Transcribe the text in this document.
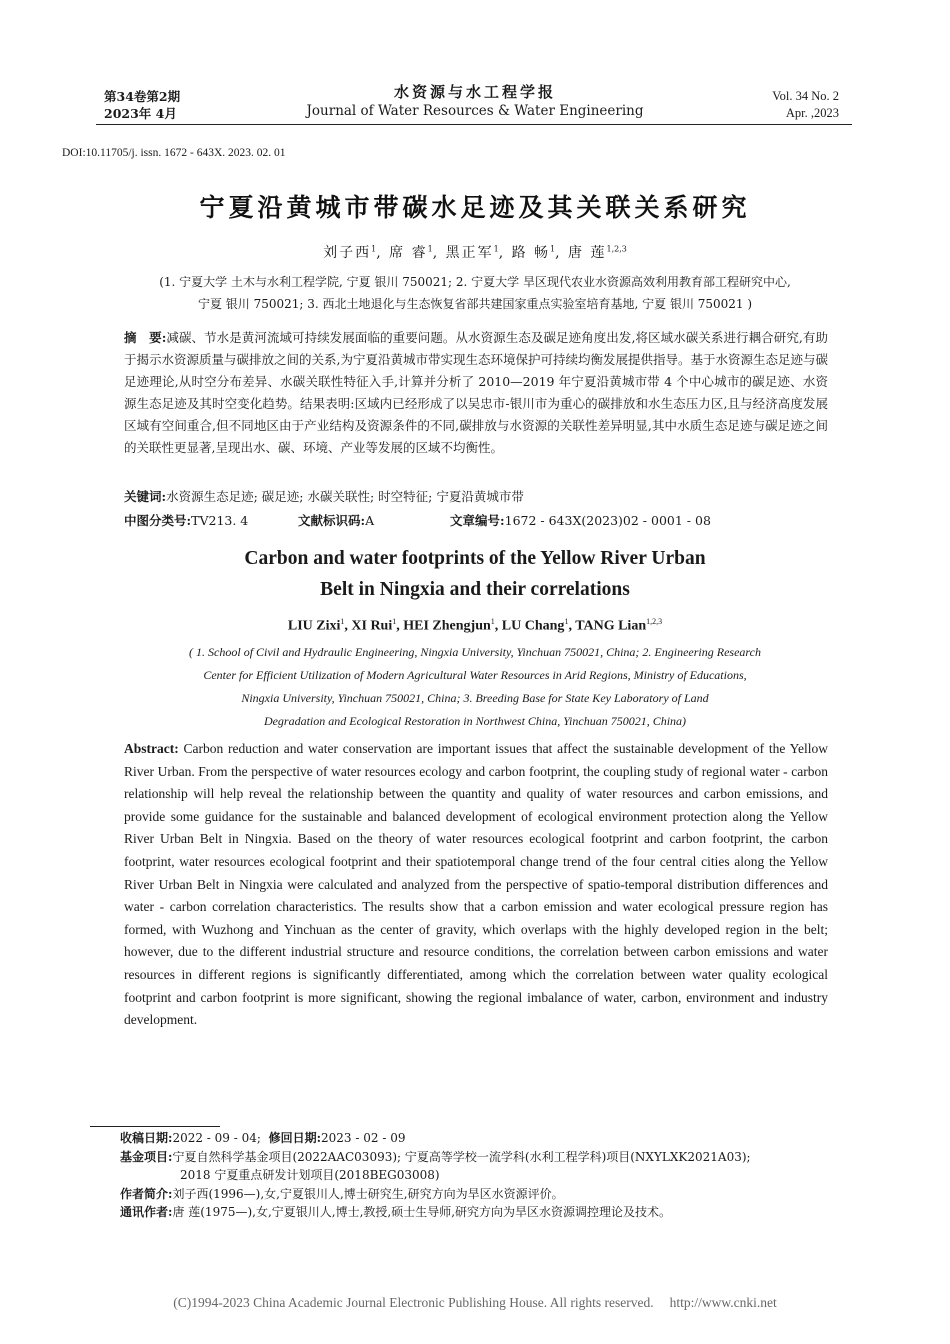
第34卷第2期
2023年 4月
水资源与水工程学报
Journal of Water Resources & Water Engineering
Vol. 34 No. 2
Apr. ,2023
DOI:10.11705/j. issn. 1672 - 643X. 2023. 02. 01
宁夏沿黄城市带碳水足迹及其关联关系研究
刘子西$^1$, 席 睿$^1$, 黑正军$^1$, 路 畅$^1$, 唐 莲$^{1,2,3}$
(1. 宁夏大学 土木与水利工程学院, 宁夏 银川 750021; 2. 宁夏大学 旱区现代农业水资源高效利用教育部工程研究中心,
宁夏 银川 750021; 3. 西北土地退化与生态恢复省部共建国家重点实验室培育基地, 宁夏 银川 750021 )
摘　要:减碳、节水是黄河流域可持续发展面临的重要问题。从水资源生态及碳足迹角度出发,将区域水碳关系进行耦合研究,有助于揭示水资源质量与碳排放之间的关系,为宁夏沿黄城市带实现生态环境保护可持续均衡发展提供指导。基于水资源生态足迹与碳足迹理论,从时空分布差异、水碳关联性特征入手,计算并分析了 2010—2019 年宁夏沿黄城市带 4 个中心城市的碳足迹、水资源生态足迹及其时空变化趋势。结果表明:区域内已经形成了以吴忠市-银川市为重心的碳排放和水生态压力区,且与经济高度发展区域有空间重合,但不同地区由于产业结构及资源条件的不同,碳排放与水资源的关联性差异明显,其中水质生态足迹与碳足迹之间的关联性更显著,呈现出水、碳、环境、产业等发展的区域不均衡性。
关键词:水资源生态足迹; 碳足迹; 水碳关联性; 时空特征; 宁夏沿黄城市带
中图分类号:TV213. 4	文献标识码:A	文章编号:1672 - 643X(2023)02 - 0001 - 08
Carbon and water footprints of the Yellow River Urban
Belt in Ningxia and their correlations
LIU Zixi$^1$, XI Rui$^1$, HEI Zhengjun$^1$, LU Chang$^1$, TANG Lian$^{1,2,3}$
( 1. School of Civil and Hydraulic Engineering, Ningxia University, Yinchuan 750021, China; 2. Engineering Research
Center for Efficient Utilization of Modern Agricultural Water Resources in Arid Regions, Ministry of Educations,
Ningxia University, Yinchuan 750021, China; 3. Breeding Base for State Key Laboratory of Land
Degradation and Ecological Restoration in Northwest China, Yinchuan 750021, China)
Abstract: Carbon reduction and water conservation are important issues that affect the sustainable development of the Yellow River Urban. From the perspective of water resources ecology and carbon footprint, the coupling study of regional water - carbon relationship will help reveal the relationship between the quantity and quality of water resources and carbon emissions, and provide some guidance for the sustainable and balanced development of ecological environment protection along the Yellow River Urban Belt in Ningxia. Based on the theory of water resources ecological footprint and carbon footprint, the carbon footprint, water resources ecological footprint and their spatiotemporal change trend of the four central cities along the Yellow River Urban Belt in Ningxia were calculated and analyzed from the perspective of spatio-temporal distribution differences and water - carbon correlation characteristics. The results show that a carbon emission and water ecological pressure region has formed, with Wuzhong and Yinchuan as the center of gravity, which overlaps with the highly developed region in the belt; however, due to the different industrial structure and resource conditions, the correlation between carbon emissions and water resources in different regions is significantly differentiated, among which the correlation between water quality ecological footprint and carbon footprint is more significant, showing the regional imbalance of water, carbon, environment and industry development.
收稿日期:2022 - 09 - 04; 修回日期:2023 - 02 - 09
基金项目:宁夏自然科学基金项目(2022AAC03093); 宁夏高等学校一流学科(水利工程学科)项目(NXYLXK2021A03);
2018 宁夏重点研发计划项目(2018BEG03008)
作者简介:刘子西(1996—),女,宁夏银川人,博士研究生,研究方向为旱区水资源评价。
通讯作者:唐 莲(1975—),女,宁夏银川人,博士,教授,硕士生导师,研究方向为旱区水资源调控理论及技术。
(C)1994-2023 China Academic Journal Electronic Publishing House. All rights reserved. http://www.cnki.net
